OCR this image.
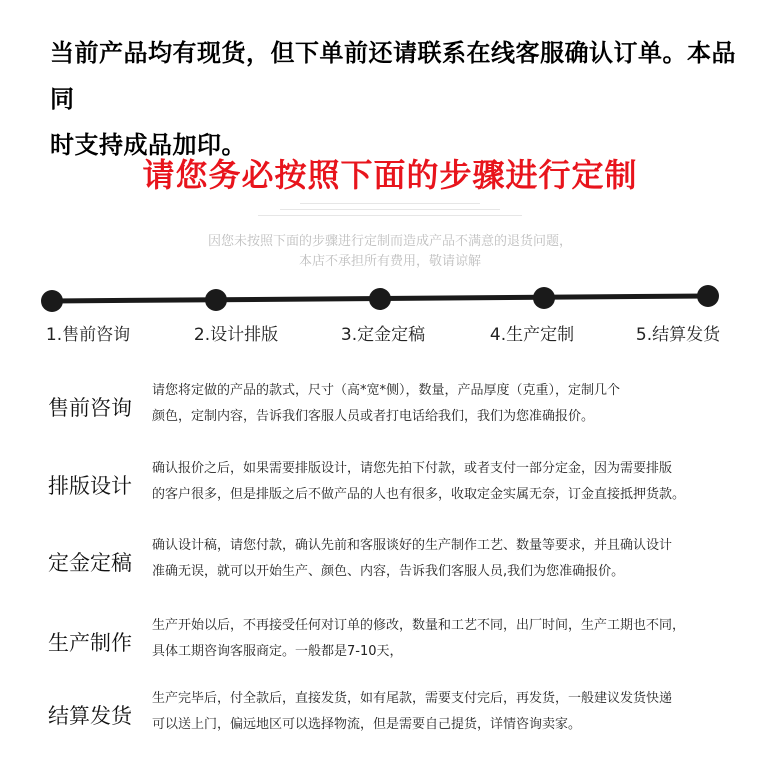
当前产品均有现货，但下单前还请联系在线客服确认订单。本品同
时支持成品加印。
请您务必按照下面的步骤进行定制
因您未按照下面的步骤进行定制而造成产品不满意的退货问题，
本店不承担所有费用，敬请谅解
1.售前咨询	2.设计排版	3.定金定稿	4.生产定制	5.结算发货
售前咨询
请您将定做的产品的款式，尺寸（高*宽*侧），数量，产品厚度（克重），定制几个
颜色，定制内容，告诉我们客服人员或者打电话给我们，我们为您准确报价。
排版设计
确认报价之后，如果需要排版设计，请您先拍下付款，或者支付一部分定金，因为需要排版
的客户很多，但是排版之后不做产品的人也有很多，收取定金实属无奈，订金直接抵押货款。
定金定稿
确认设计稿，请您付款，确认先前和客服谈好的生产制作工艺、数量等要求，并且确认设计
准确无误，就可以开始生产、颜色、内容，告诉我们客服人员,我们为您准确报价。
生产制作
生产开始以后，不再接受任何对订单的修改，数量和工艺不同，出厂时间，生产工期也不同，
具体工期咨询客服商定。一般都是7-10天，
结算发货
生产完毕后，付全款后，直接发货，如有尾款，需要支付完后，再发货，一般建议发货快递
可以送上门，偏远地区可以选择物流，但是需要自己提货，详情咨询卖家。
